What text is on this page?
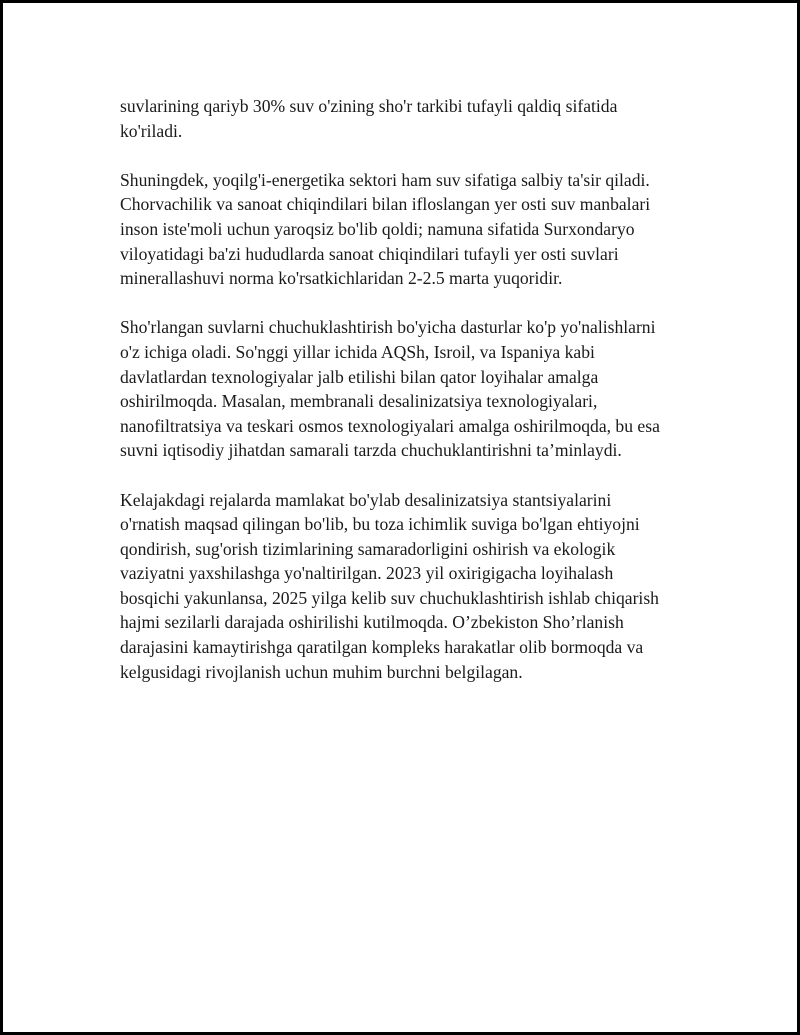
suvlarining qariyb 30% suv o'zining sho'r tarkibi tufayli qaldiq sifatida
ko'riladi.

Shuningdek, yoqilg'i-energetika sektori ham suv sifatiga salbiy ta'sir qiladi.
Chorvachilik va sanoat chiqindilari bilan ifloslangan yer osti suv manbalari
inson iste'moli uchun yaroqsiz bo'lib qoldi; namuna sifatida Surxondaryo
viloyatidagi ba'zi hududlarda sanoat chiqindilari tufayli yer osti suvlari
minerallashuvi norma ko'rsatkichlaridan 2-2.5 marta yuqoridir.

Sho'rlangan suvlarni chuchuklashtirish bo'yicha dasturlar ko'p yo'nalishlarni
o'z ichiga oladi. So'nggi yillar ichida AQSh, Isroil, va Ispaniya kabi
davlatlardan texnologiyalar jalb etilishi bilan qator loyihalar amalga
oshirilmoqda. Masalan, membranali desalinizatsiya texnologiyalari,
nanofiltratsiya va teskari osmos texnologiyalari amalga oshirilmoqda, bu esa
suvni iqtisodiy jihatdan samarali tarzda chuchuklantirishni ta’minlaydi.

Kelajakdagi rejalarda mamlakat bo'ylab desalinizatsiya stantsiyalarini
o'rnatish maqsad qilingan bo'lib, bu toza ichimlik suviga bo'lgan ehtiyojni
qondirish, sug'orish tizimlarining samaradorligini oshirish va ekologik
vaziyatni yaxshilashga yo'naltirilgan. 2023 yil oxirigigacha loyihalash
bosqichi yakunlansa, 2025 yilga kelib suv chuchuklashtirish ishlab chiqarish
hajmi sezilarli darajada oshirilishi kutilmoqda. O’zbekiston Sho’rlanish
darajasini kamaytirishga qaratilgan kompleks harakatlar olib bormoqda va
kelgusidagi rivojlanish uchun muhim burchni belgilagan.
